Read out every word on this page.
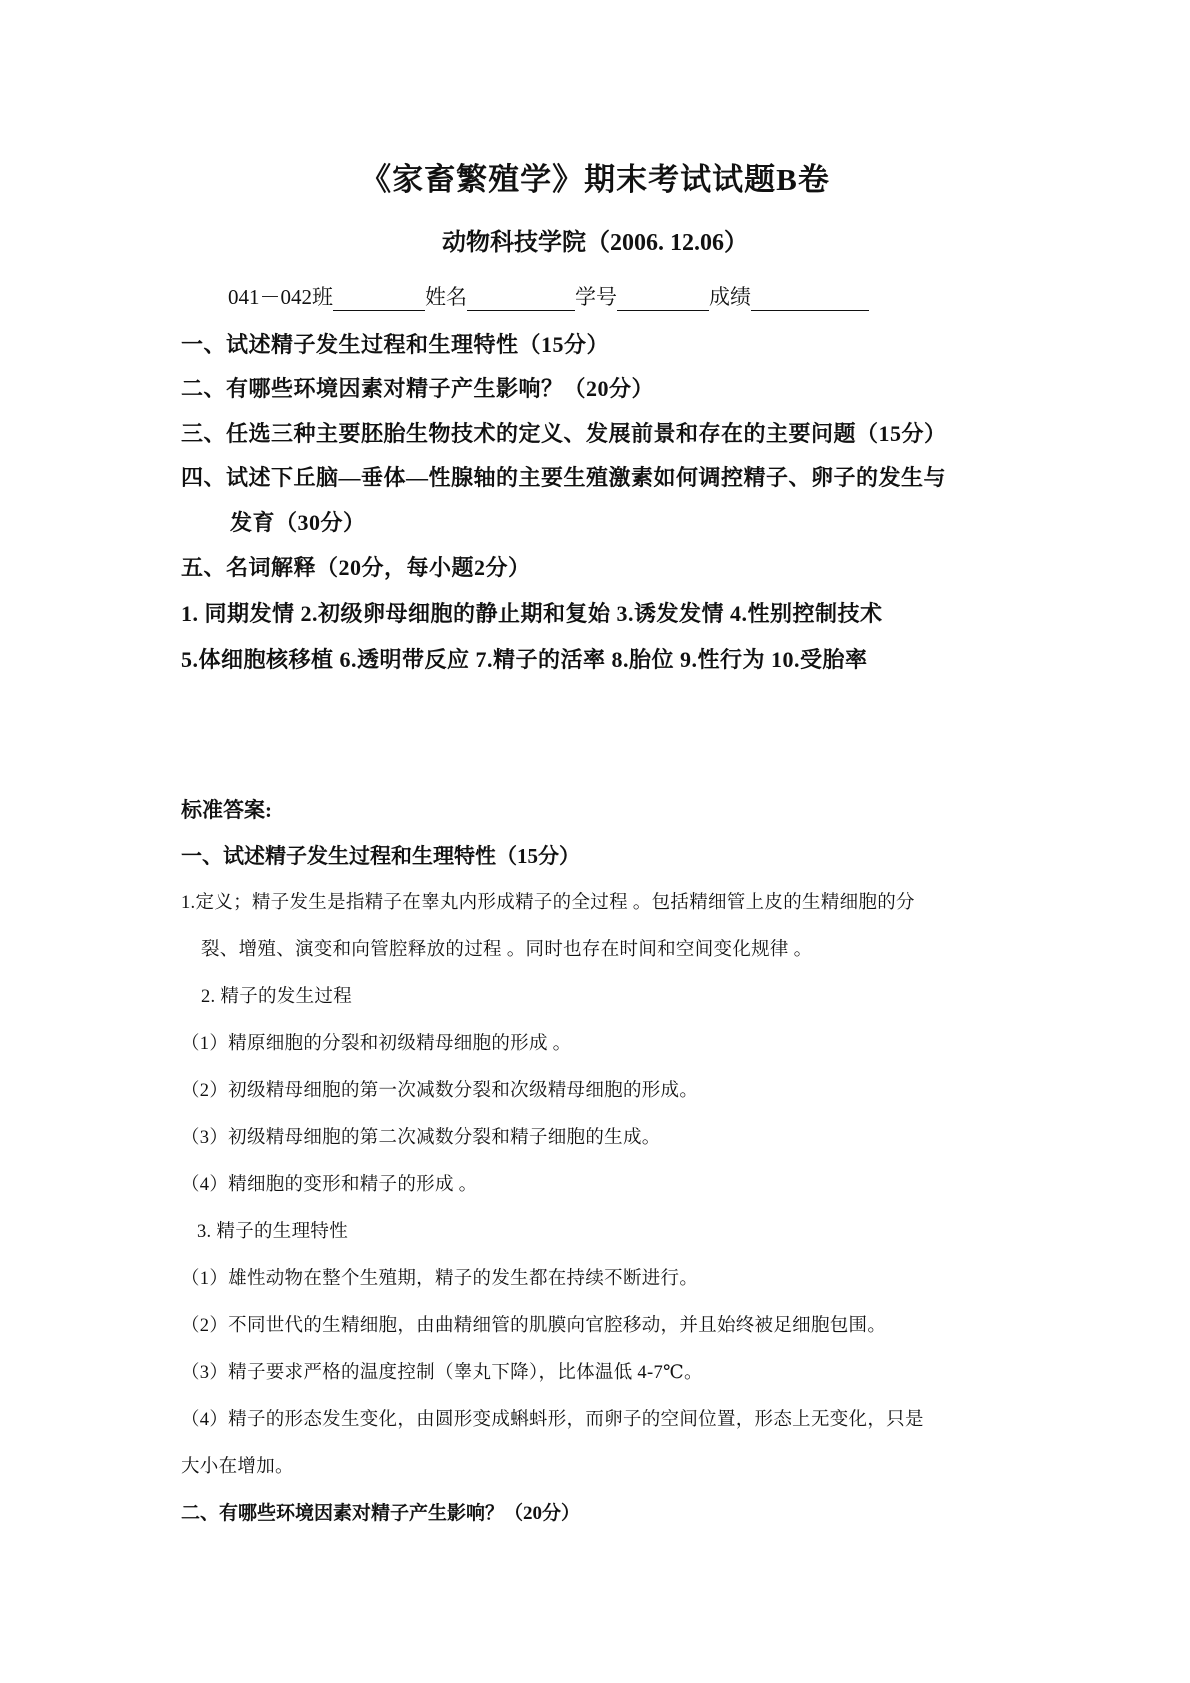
《家畜繁殖学》期末考试试题B卷
动物科技学院（2006. 12.06）
041－042班	姓名	学号	成绩
一、试述精子发生过程和生理特性（15分）
二、有哪些环境因素对精子产生影响？（20分）
三、任选三种主要胚胎生物技术的定义、发展前景和存在的主要问题（15分）
四、试述下丘脑—垂体—性腺轴的主要生殖激素如何调控精子、卵子的发生与
发育（30分）
五、名词解释（20分，每小题2分）
1. 同期发情 2.初级卵母细胞的静止期和复始 3.诱发发情 4.性别控制技术
5.体细胞核移植 6.透明带反应 7.精子的活率 8.胎位 9.性行为 10.受胎率
标准答案:
一、试述精子发生过程和生理特性（15分）
1.定义；精子发生是指精子在睾丸内形成精子的全过程 。包括精细管上皮的生精细胞的分
裂、增殖、演变和向管腔释放的过程 。同时也存在时间和空间变化规律 。
2. 精子的发生过程
（1）精原细胞的分裂和初级精母细胞的形成 。
（2）初级精母细胞的第一次减数分裂和次级精母细胞的形成。
（3）初级精母细胞的第二次减数分裂和精子细胞的生成。
（4）精细胞的变形和精子的形成 。
3. 精子的生理特性
（1）雄性动物在整个生殖期，精子的发生都在持续不断进行。
（2）不同世代的生精细胞，由曲精细管的肌膜向官腔移动，并且始终被足细胞包围。
（3）精子要求严格的温度控制（睾丸下降），比体温低 4-7℃。
（4）精子的形态发生变化，由圆形变成蝌蚪形，而卵子的空间位置，形态上无变化，只是
大小在增加。
二、有哪些环境因素对精子产生影响？（20分）
